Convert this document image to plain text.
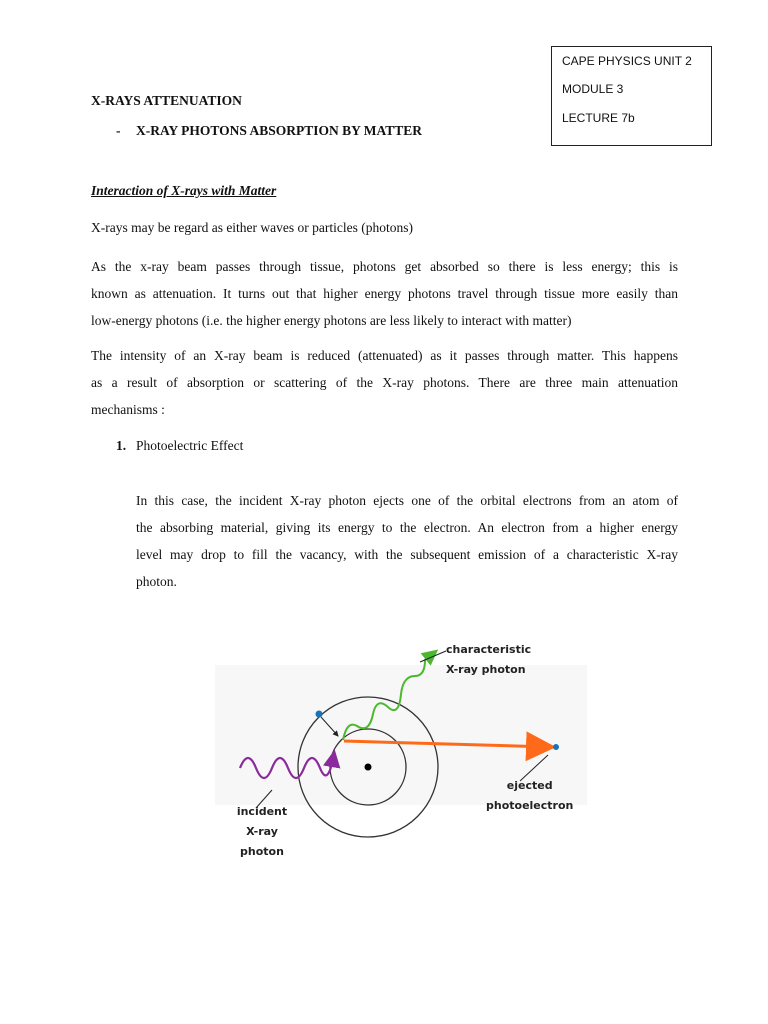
CAPE PHYSICS UNIT 2
MODULE 3
LECTURE 7b
X-RAYS ATTENUATION
- X-RAY PHOTONS ABSORPTION BY MATTER
Interaction of X-rays with Matter
X-rays may be regard as either waves or particles (photons)
As the x-ray beam passes through tissue, photons get absorbed so there is less energy; this is
known as attenuation. It turns out that higher energy photons travel through tissue more easily than
low-energy photons (i.e. the higher energy photons are less likely to interact with matter)
The intensity of an X-ray beam is reduced (attenuated) as it passes through matter. This happens
as a result of absorption or scattering of the X-ray photons. There are three main attenuation
mechanisms :
1. Photoelectric Effect
In this case, the incident X-ray photon ejects one of the orbital electrons from an atom of
the absorbing material, giving its energy to the electron. An electron from a higher energy
level may drop to fill the vacancy, with the subsequent emission of a characteristic X-ray
photon.
characteristic
X-ray photon
ejected
photoelectron
incident
X-ray
photon
